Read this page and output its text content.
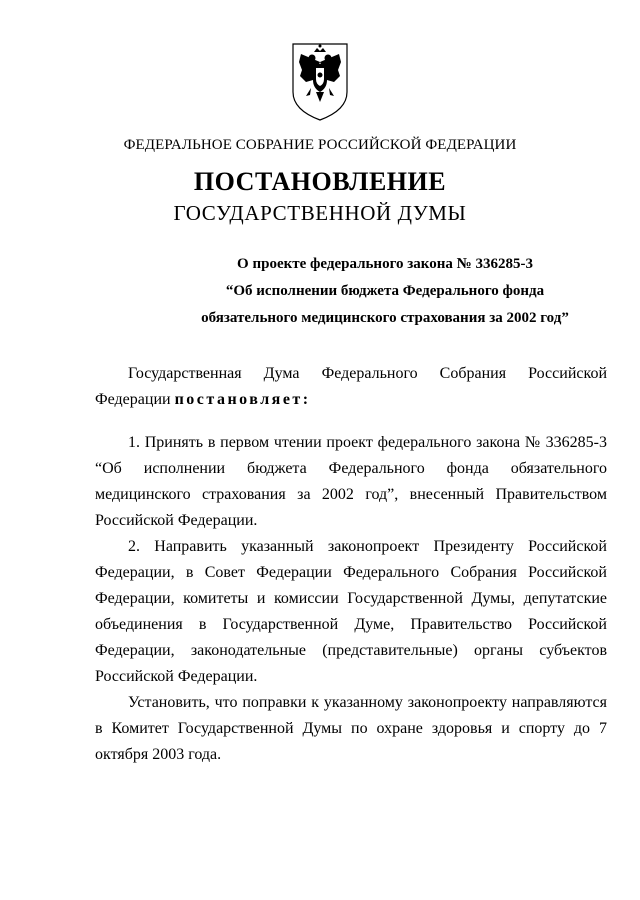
ФЕДЕРАЛЬНОЕ СОБРАНИЕ РОССИЙСКОЙ ФЕДЕРАЦИИ
ПОСТАНОВЛЕНИЕ
ГОСУДАРСТВЕННОЙ ДУМЫ
О проекте федерального закона № 336285-3
“Об исполнении бюджета Федерального фонда
обязательного медицинского страхования за 2002 год”

Государственная Дума Федерального Собрания Российской Федерации постановляет:

1. Принять в первом чтении проект федерального закона № 336285-3 “Об исполнении бюджета Федерального фонда обязательного медицинского страхования за 2002 год”, внесенный Правительством Российской Федерации.

2. Направить указанный законопроект Президенту Российской Федерации, в Совет Федерации Федерального Собрания Российской Федерации, комитеты и комиссии Государственной Думы, депутатские объединения в Государственной Думе, Правительство Российской Федерации, законодательные (представительные) органы субъектов Российской Федерации.

Установить, что поправки к указанному законопроекту направляются в Комитет Государственной Думы по охране здоровья и спорту до 7 октября 2003 года.
